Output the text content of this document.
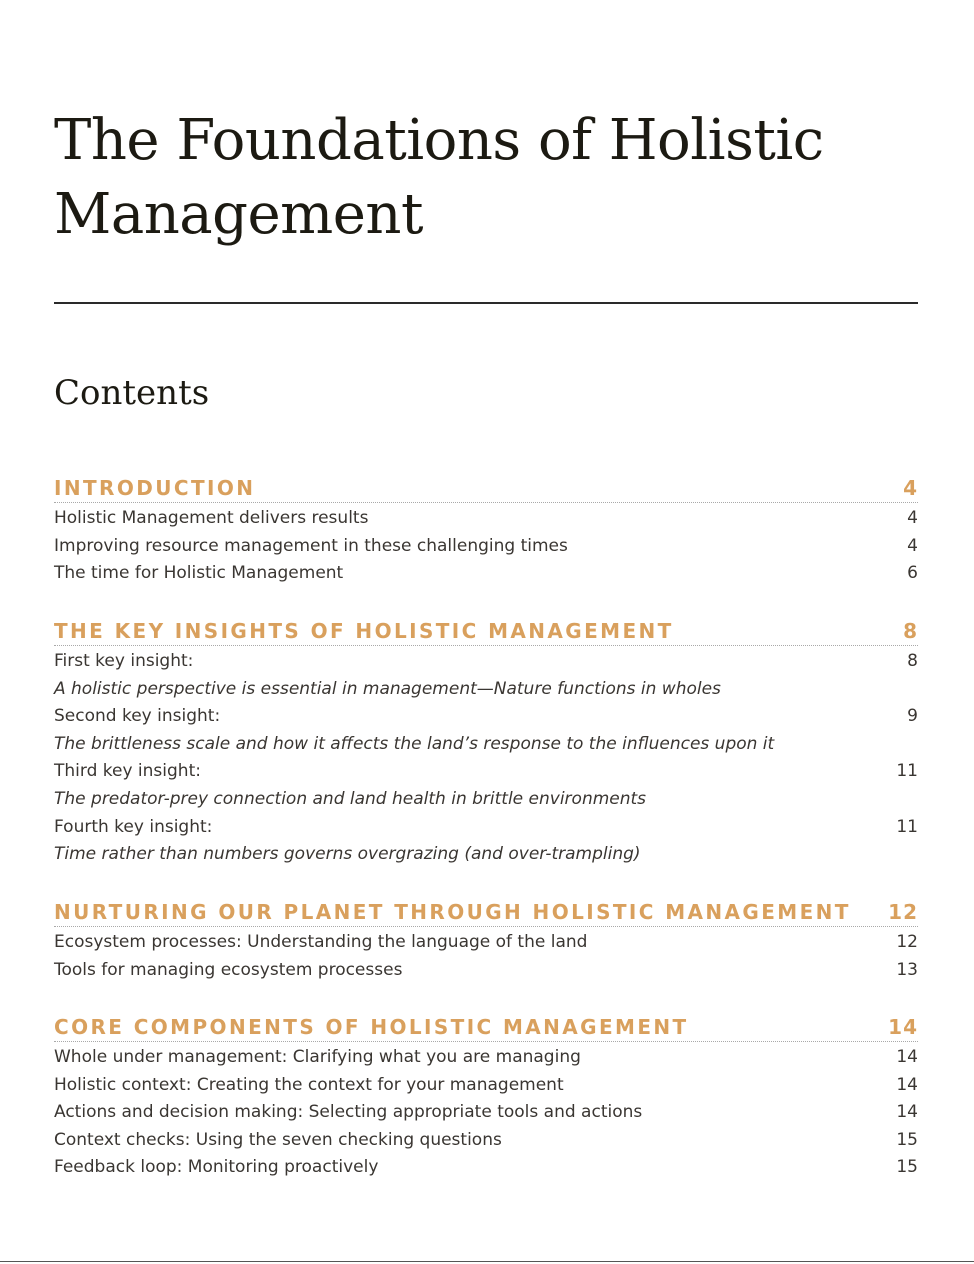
The Foundations of Holistic Management
Contents
INTRODUCTION	4
Holistic Management delivers results	4
Improving resource management in these challenging times	4
The time for Holistic Management	6
THE KEY INSIGHTS OF HOLISTIC MANAGEMENT	8
First key insight:	8
A holistic perspective is essential in management—Nature functions in wholes
Second key insight:	9
The brittleness scale and how it affects the land’s response to the influences upon it
Third key insight:	11
The predator-prey connection and land health in brittle environments
Fourth key insight:	11
Time rather than numbers governs overgrazing (and over-trampling)
NURTURING OUR PLANET THROUGH HOLISTIC MANAGEMENT 12
Ecosystem processes: Understanding the language of the land	12
Tools for managing ecosystem processes	13
CORE COMPONENTS OF HOLISTIC MANAGEMENT	14
Whole under management: Clarifying what you are managing	14
Holistic context: Creating the context for your management	14
Actions and decision making: Selecting appropriate tools and actions	14
Context checks: Using the seven checking questions	15
Feedback loop: Monitoring proactively	15
